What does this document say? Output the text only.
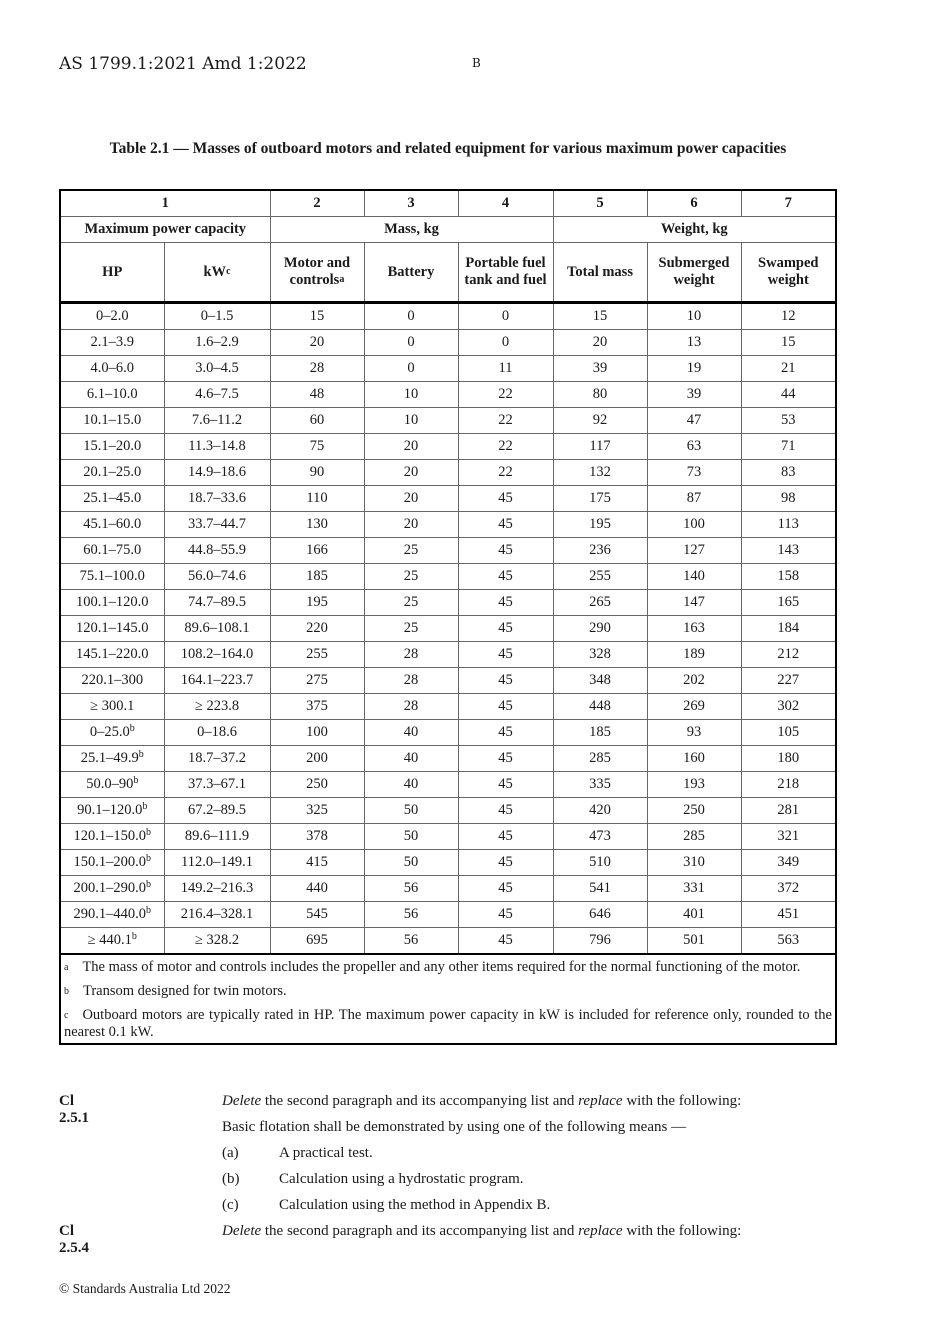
AS 1799.1:2021 Amd 1:2022	B
Table 2.1 — Masses of outboard motors and related equipment for various maximum power capacities
1		2	3	4	5	6	7
Maximum power capacity		Mass, kg			Weight, kg		
HP	$kW^c$	Motor and controls$^a$	Battery	Portable fuel tank and fuel	Total mass	Submerged weight	Swamped weight
0–2.0	0–1.5	15	0	0	15	10	12
2.1–3.9	1.6–2.9	20	0	0	20	13	15
4.0–6.0	3.0–4.5	28	0	11	39	19	21
6.1–10.0	4.6–7.5	48	10	22	80	39	44
10.1–15.0	7.6–11.2	60	10	22	92	47	53
15.1–20.0	11.3–14.8	75	20	22	117	63	71
20.1–25.0	14.9–18.6	90	20	22	132	73	83
25.1–45.0	18.7–33.6	110	20	45	175	87	98
45.1–60.0	33.7–44.7	130	20	45	195	100	113
60.1–75.0	44.8–55.9	166	25	45	236	127	143
75.1–100.0	56.0–74.6	185	25	45	255	140	158
100.1–120.0	74.7–89.5	195	25	45	265	147	165
120.1–145.0	89.6–108.1	220	25	45	290	163	184
145.1–220.0	108.2–164.0	255	28	45	328	189	212
220.1–300	164.1–223.7	275	28	45	348	202	227
≥ 300.1	≥ 223.8	375	28	45	448	269	302
0–25.0$^b$	0–18.6	100	40	45	185	93	105
25.1–49.9$^b$	18.7–37.2	200	40	45	285	160	180
50.0–90$^b$	37.3–67.1	250	40	45	335	193	218
90.1–120.0$^b$	67.2–89.5	325	50	45	420	250	281
120.1–150.0$^b$	89.6–111.9	378	50	45	473	285	321
150.1–200.0$^b$	112.0–149.1	415	50	45	510	310	349
200.1–290.0$^b$	149.2–216.3	440	56	45	541	331	372
290.1–440.0$^b$	216.4–328.1	545	56	45	646	401	451
≥ 440.1$^b$	≥ 328.2	695	56	45	796	501	563

$^a$ The mass of motor and controls includes the propeller and any other items required for the normal functioning of the motor.
$^b$ Transom designed for twin motors.
$^c$ Outboard motors are typically rated in HP. The maximum power capacity in kW is included for reference only, rounded to the nearest 0.1 kW.							
Cl 2.5.1
Delete the second paragraph and its accompanying list and replace with the following:
Basic flotation shall be demonstrated by using one of the following means —
(a)	A practical test.
(b)	Calculation using a hydrostatic program.
(c)	Calculation using the method in Appendix B.
Cl 2.5.4
Delete the second paragraph and its accompanying list and replace with the following:
© Standards Australia Ltd 2022
